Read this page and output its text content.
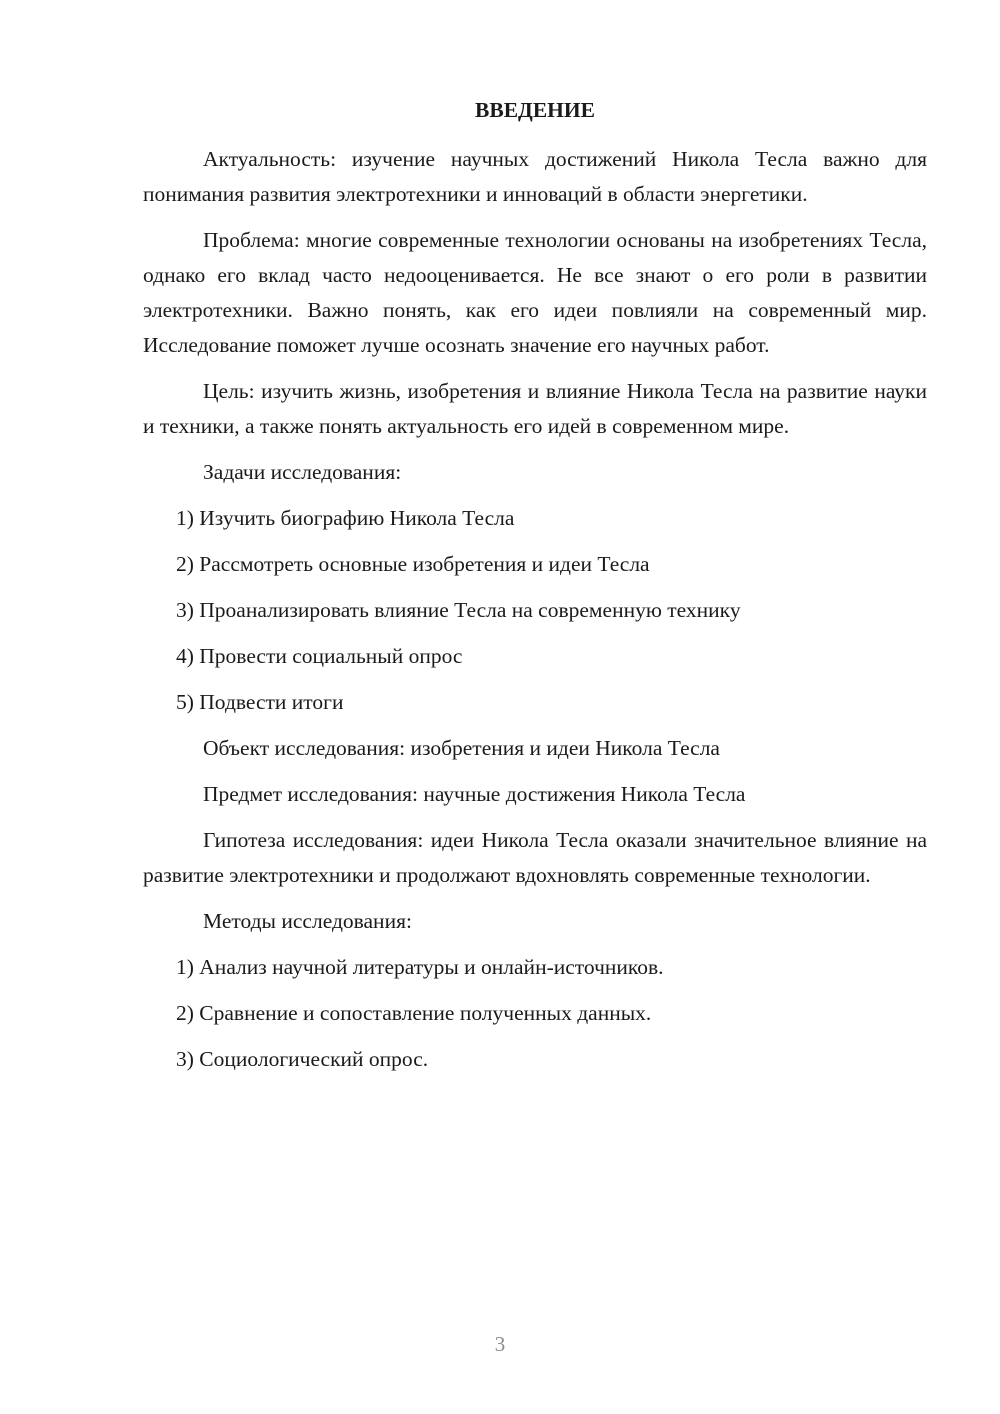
ВВЕДЕНИЕ
Актуальность: изучение научных достижений Никола Тесла важно для понимания развития электротехники и инноваций в области энергетики.
Проблема: многие современные технологии основаны на изобретениях Тесла, однако его вклад часто недооценивается. Не все знают о его роли в развитии электротехники. Важно понять, как его идеи повлияли на современный мир. Исследование поможет лучше осознать значение его научных работ.
Цель: изучить жизнь, изобретения и влияние Никола Тесла на развитие науки и техники, а также понять актуальность его идей в современном мире.
Задачи исследования:
1) Изучить биографию Никола Тесла
2) Рассмотреть основные изобретения и идеи Тесла
3) Проанализировать влияние Тесла на современную технику
4) Провести социальный опрос
5) Подвести итоги
Объект исследования: изобретения и идеи Никола Тесла
Предмет исследования: научные достижения Никола Тесла
Гипотеза исследования: идеи Никола Тесла оказали значительное влияние на развитие электротехники и продолжают вдохновлять современные технологии.
Методы исследования:
1) Анализ научной литературы и онлайн-источников.
2) Сравнение и сопоставление полученных данных.
3) Социологический опрос.
3
